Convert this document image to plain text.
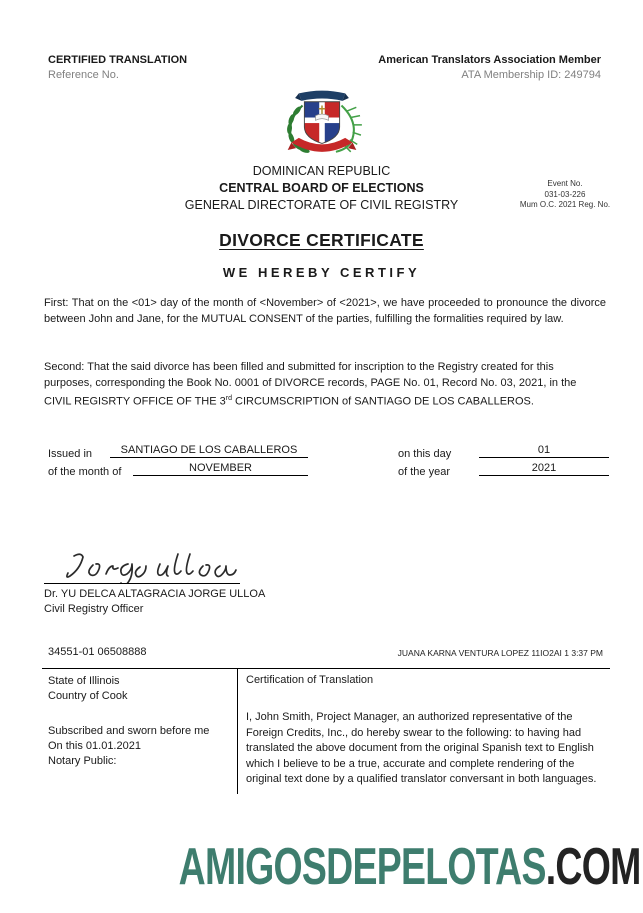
CERTIFIED TRANSLATION
Reference No.
American Translators Association Member
ATA Membership ID: 249794
DOMINICAN REPUBLIC
CENTRAL BOARD OF ELECTIONS
GENERAL DIRECTORATE OF CIVIL REGISTRY
Event No.
031-03-226
Mum O.C. 2021 Reg. No.
DIVORCE CERTIFICATE
WE HEREBY CERTIFY
First: That on the <01> day of the month of <November> of <2021>, we have proceeded to pronounce the divorce between John and Jane, for the MUTUAL CONSENT of the parties, fulfilling the formalities required by law.
Second: That the said divorce has been filled and submitted for inscription to the Registry created for this purposes, corresponding the Book No. 0001 of DIVORCE records, PAGE No. 01, Record No. 03, 2021, in the CIVIL REGISRTY OFFICE OF THE 3rd CIRCUMSCRIPTION of SANTIAGO DE LOS CABALLEROS.
Issued in	SANTIAGO DE LOS CABALLEROS	on this day	01
of the month of	NOVEMBER	of the year	2021
Dr. YU DELCA ALTAGRACIA JORGE ULLOA
Civil Registry Officer
34551-01 06508888	JUANA KARNA VENTURA LOPEZ 11IO2AI 1 3:37 PM
State of Illinois
Country of Cook
Subscribed and sworn before me
On this 01.01.2021
Notary Public:
Certification of Translation
I, John Smith, Project Manager, an authorized representative of the Foreign Credits, Inc., do hereby swear to the following: to having had translated the above document from the original Spanish text to English which I believe to be a true, accurate and complete rendering of the original text done by a qualified translator conversant in both languages.
AMIGOSDEPELOTAS.COM
